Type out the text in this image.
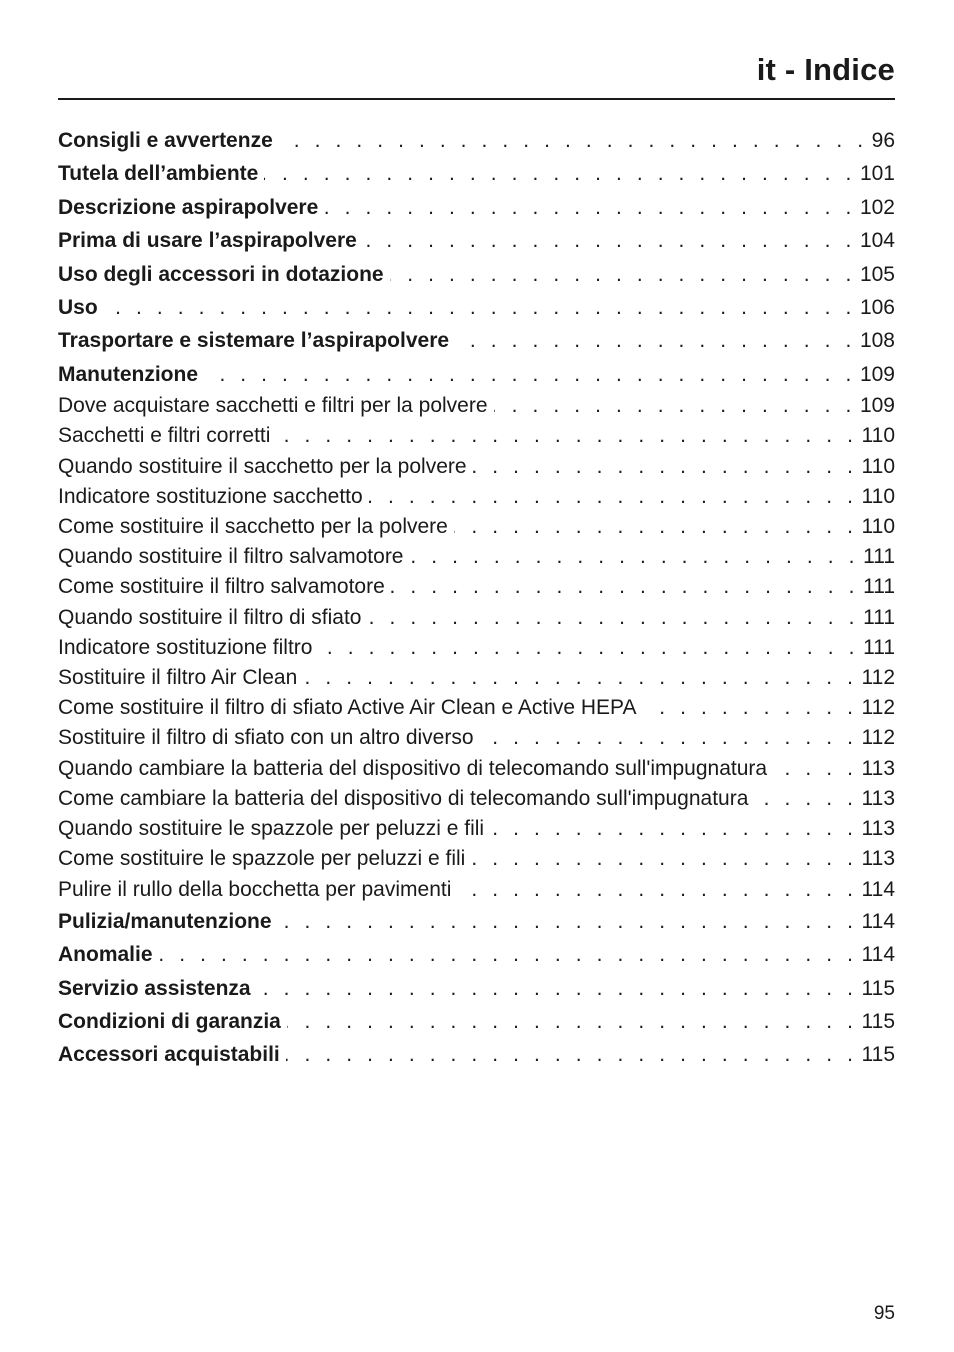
it - Indice
Consigli e avvertenze . . .	96
Tutela dell’ambiente . . .	101
Descrizione aspirapolvere . . .	102
Prima di usare l’aspirapolvere . . .	104
Uso degli accessori in dotazione . . .	105
Uso . . .	106
Trasportare e sistemare l’aspirapolvere . . .	108
Manutenzione . . .	109
Dove acquistare sacchetti e filtri per la polvere . . .	109
Sacchetti e filtri corretti . . .	110
Quando sostituire il sacchetto per la polvere . . .	110
Indicatore sostituzione sacchetto . . .	110
Come sostituire il sacchetto per la polvere . . .	110
Quando sostituire il filtro salvamotore . . .	111
Come sostituire il filtro salvamotore . . .	111
Quando sostituire il filtro di sfiato . . .	111
Indicatore sostituzione filtro . . .	111
Sostituire il filtro Air Clean . . .	112
Come sostituire il filtro di sfiato Active Air Clean e Active HEPA . . .	112
Sostituire il filtro di sfiato con un altro diverso . . .	112
Quando cambiare la batteria del dispositivo di telecomando sull'impugnatura . . .	113
Come cambiare la batteria del dispositivo di telecomando sull'impugnatura . . .	113
Quando sostituire le spazzole per peluzzi e fili . . .	113
Come sostituire le spazzole per peluzzi e fili . . .	113
Pulire il rullo della bocchetta per pavimenti . . .	114
Pulizia/manutenzione . . .	114
Anomalie . . .	114
Servizio assistenza . . .	115
Condizioni di garanzia . . .	115
Accessori acquistabili . . .	115
95
